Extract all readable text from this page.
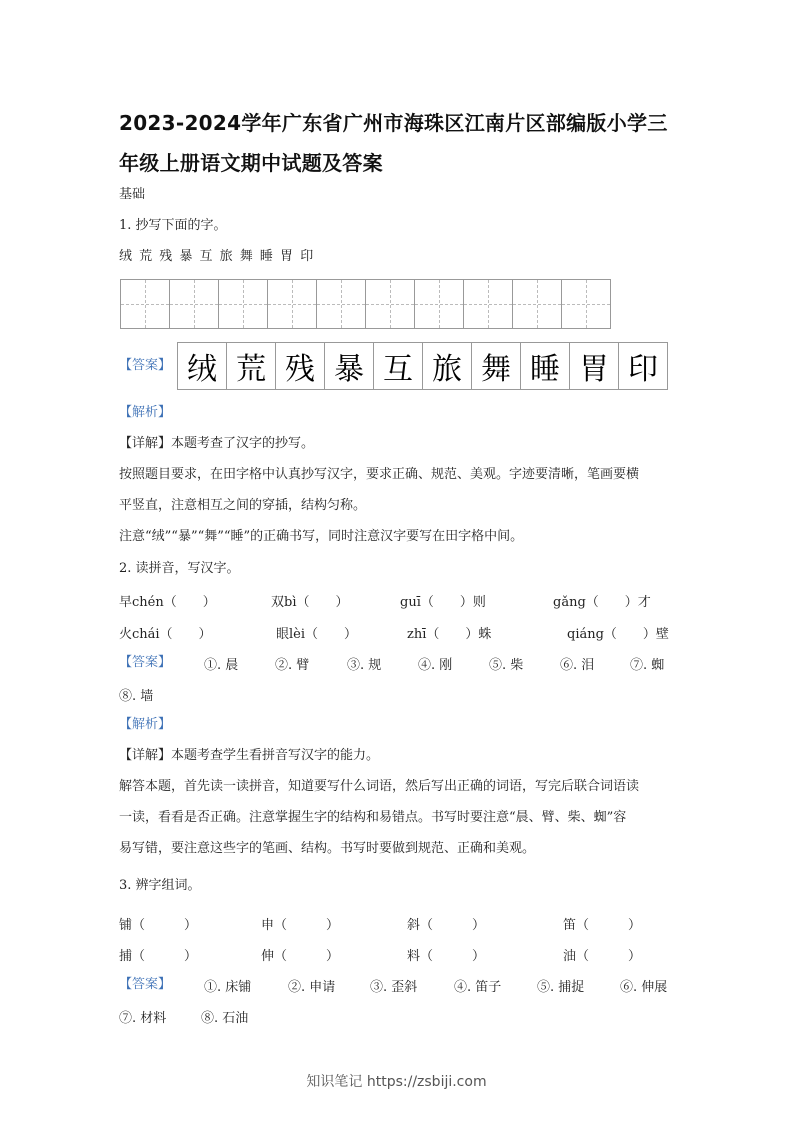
2023-2024学年广东省广州市海珠区江南片区部编版小学三
年级上册语文期中试题及答案
基础
1. 抄写下面的字。
绒 荒 残 暴 互 旅 舞 睡 胃 印
【答案】 绒 荒 残 暴 互 旅 舞 睡 胃 印
【解析】
【详解】本题考查了汉字的抄写。
按照题目要求，在田字格中认真抄写汉字，要求正确、规范、美观。字迹要清晰，笔画要横
平竖直，注意相互之间的穿插，结构匀称。
注意“绒”“暴”“舞”“睡”的正确书写，同时注意汉字要写在田字格中间。
2. 读拼音，写汉字。
早chén（　　）	双bì（　　）	guī（　　）则	gǎng（　　）才
火chái（　　）	眼lèi（　　）	zhī（　　）蛛	qiáng（　　）壁
【答案】	①. 晨	②. 臂	③. 规	④. 刚	⑤. 柴	⑥. 泪	⑦. 蜘
⑧. 墙
【解析】
【详解】本题考查学生看拼音写汉字的能力。
解答本题，首先读一读拼音，知道要写什么词语，然后写出正确的词语，写完后联合词语读
一读，看看是否正确。注意掌握生字的结构和易错点。书写时要注意“晨、臂、柴、蜘”容
易写错，要注意这些字的笔画、结构。书写时要做到规范、正确和美观。
3. 辨字组词。
铺（　　　）	申（　　　）	斜（　　　）	笛（　　　）
捕（　　　）	伸（　　　）	料（　　　）	油（　　　）
【答案】	①. 床铺	②. 申请	③. 歪斜	④. 笛子	⑤. 捕捉	⑥. 伸展
⑦. 材料	⑧. 石油
知识笔记 https://zsbiji.com
